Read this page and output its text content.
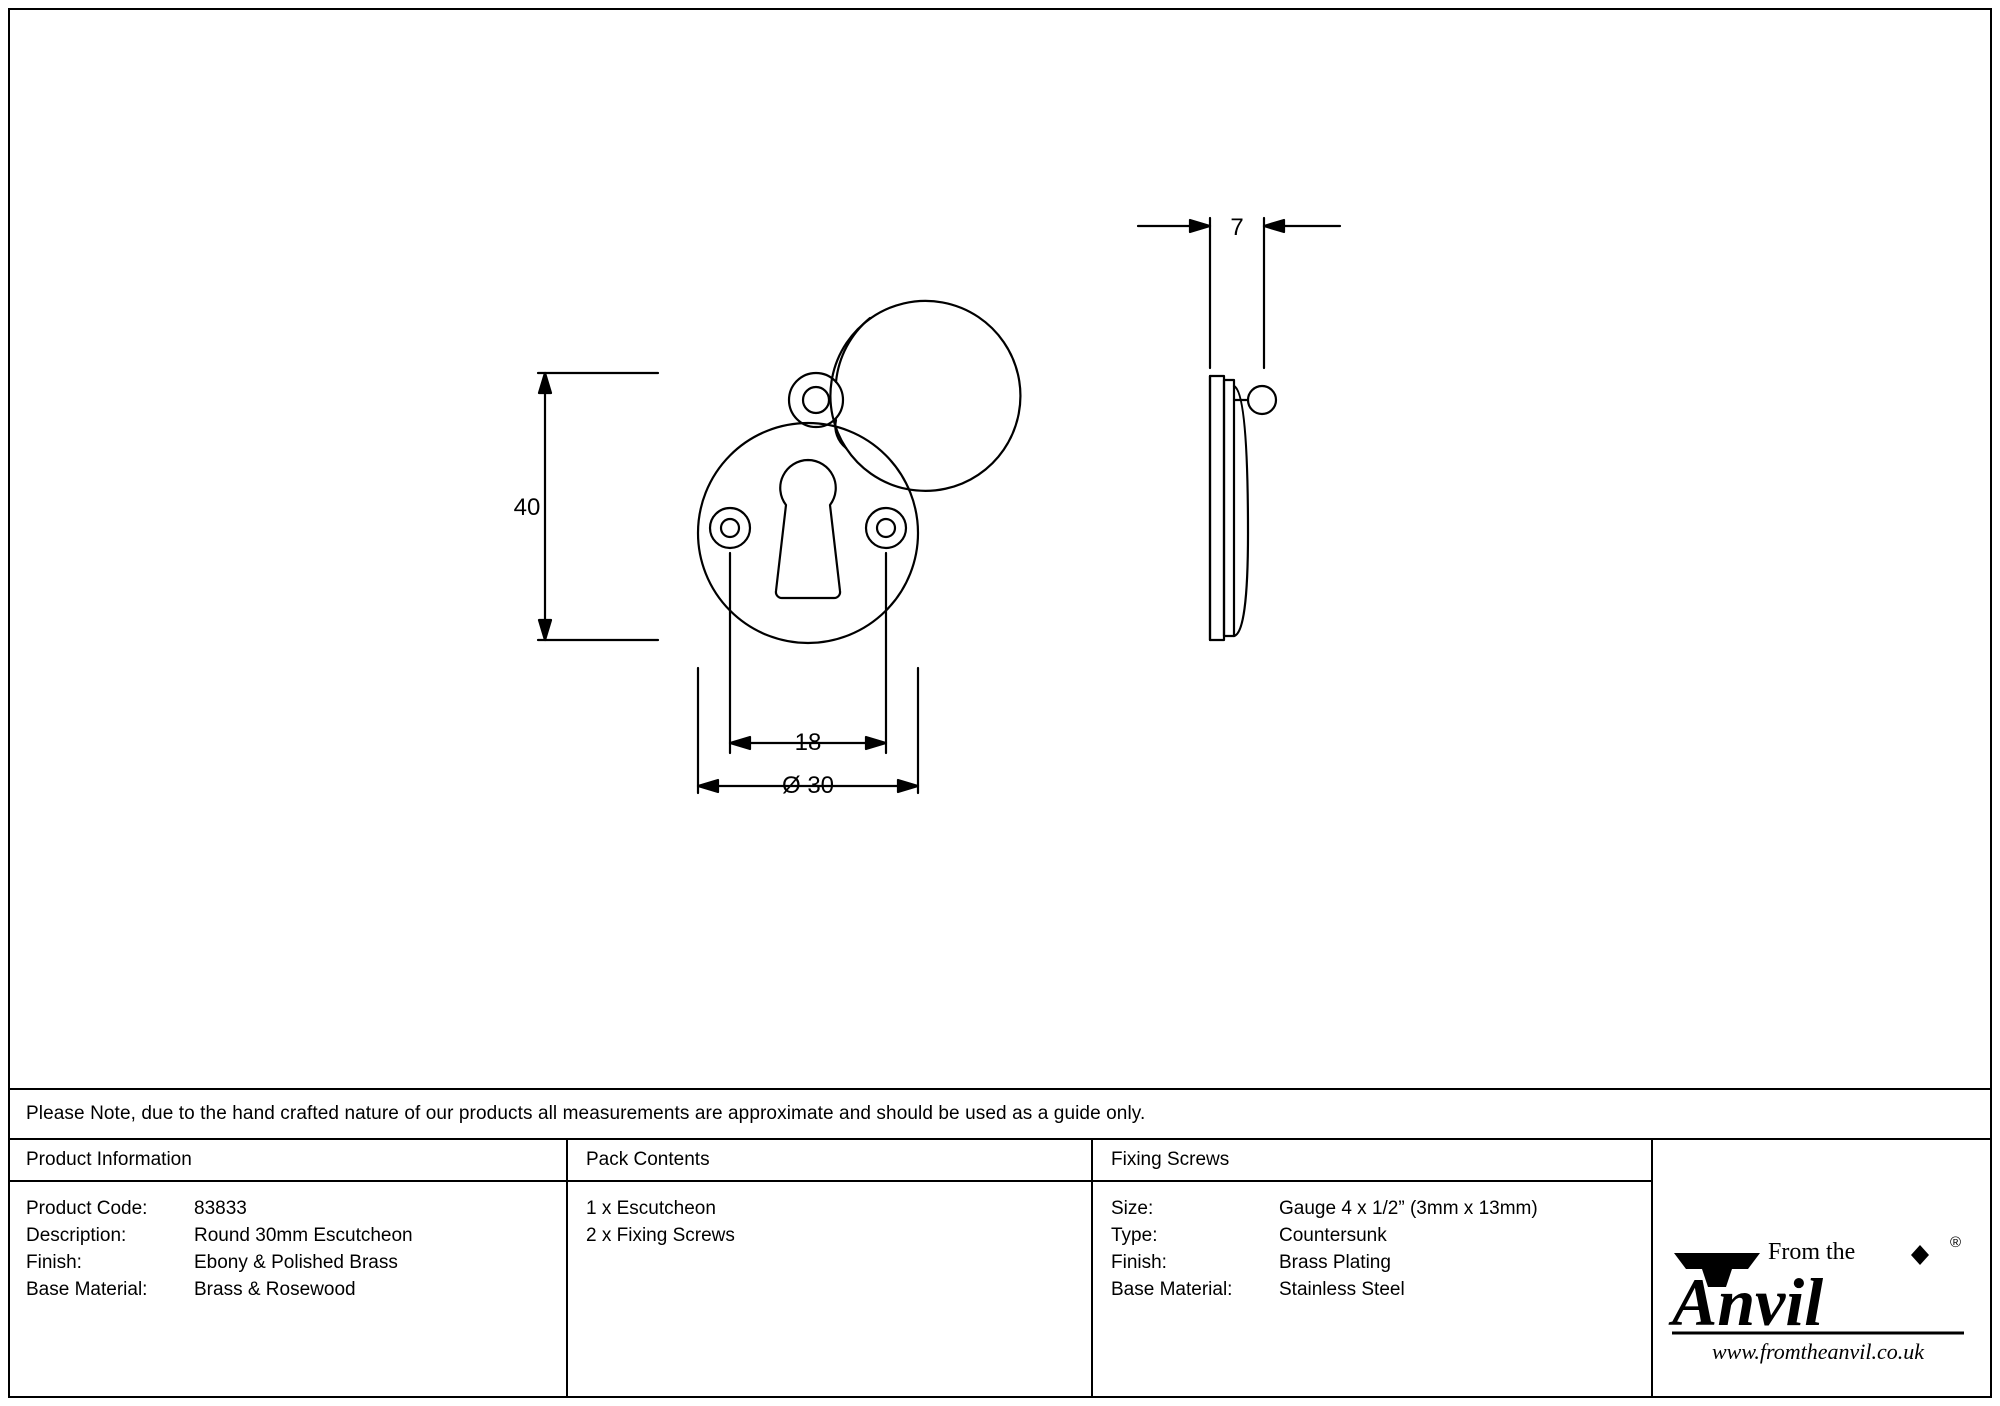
40
18
Ø 30
7
Please Note, due to the hand crafted nature of our products all measurements are approximate and should be used as a guide only.
Product Information
Product Code:	83833
Description:	Round 30mm Escutcheon
Finish:	Ebony & Polished Brass
Base Material:	Brass & Rosewood
Pack Contents
1 x Escutcheon
2 x Fixing Screws
Fixing Screws
Size:	Gauge 4 x 1/2” (3mm x 13mm)
Type:	Countersunk
Finish:	Brass Plating
Base Material:	Stainless Steel
From the	®
Anvil
www.fromtheanvil.co.uk
